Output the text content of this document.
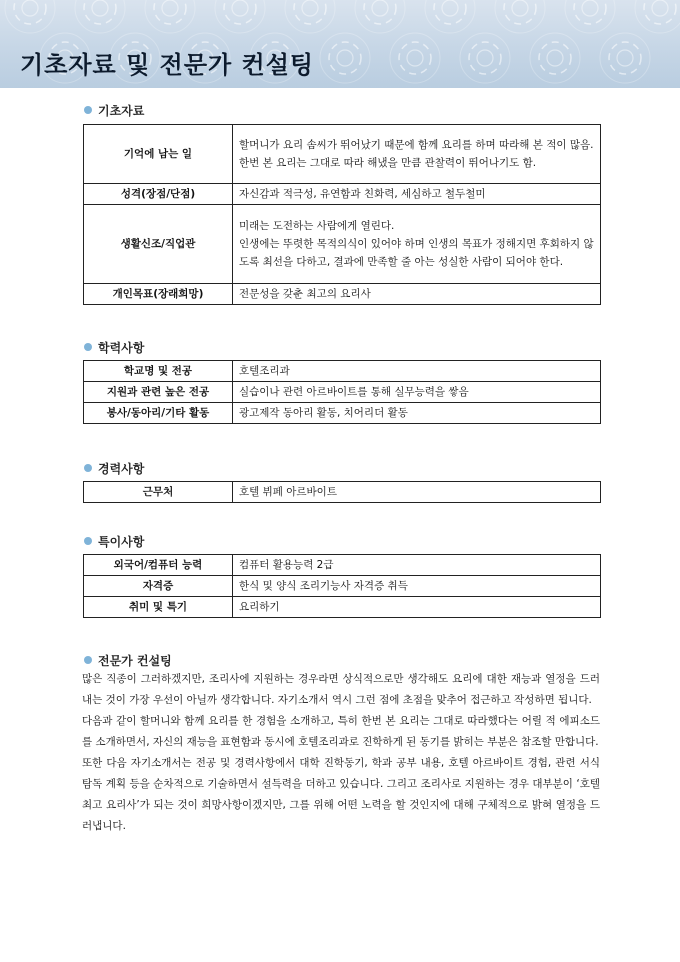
기초자료 및 전문가 컨설팅
기초자료
기억에 남는 일	할머니가 요리 솜씨가 뛰어났기 때문에 함께 요리를 하며 따라해 본 적이 많음. 한번 본 요리는 그대로 따라 해냈을 만큼 관찰력이 뛰어나기도 함.
성격(장점/단점)	자신감과 적극성, 유연함과 친화력, 세심하고 철두철미
생활신조/직업관	미래는 도전하는 사람에게 열린다.
인생에는 뚜렷한 목적의식이 있어야 하며 인생의 목표가 정해지면 후회하지 않도록 최선을 다하고, 결과에 만족할 줄 아는 성실한 사람이 되어야 한다.
개인목표(장래희망)	전문성을 갖춘 최고의 요리사
학력사항
학교명 및 전공	호텔조리과
지원과 관련 높은 전공	실습이나 관련 아르바이트를 통해 실무능력을 쌓음
봉사/동아리/기타 활동	광고제작 동아리 활동, 치어리더 활동
경력사항
근무처	호텔 뷔페 아르바이트
특이사항
외국어/컴퓨터 능력	컴퓨터 활용능력 2급
자격증	한식 및 양식 조리기능사 자격증 취득
취미 및 특기	요리하기
전문가 컨설팅

많은 직종이 그러하겠지만, 조리사에 지원하는 경우라면 상식적으로만 생각해도 요리에 대한 재능과 열정을 드러내는 것이 가장 우선이 아닐까 생각합니다. 자기소개서 역시 그런 점에 초점을 맞추어 접근하고 작성하면 됩니다.

다음과 같이 할머니와 함께 요리를 한 경험을 소개하고, 특히 한번 본 요리는 그대로 따라했다는 어릴 적 에피소드를 소개하면서, 자신의 재능을 표현함과 동시에 호텔조리과로 진학하게 된 동기를 밝히는 부분은 참조할 만합니다.

또한 다음 자기소개서는 전공 및 경력사항에서 대학 진학동기, 학과 공부 내용, 호텔 아르바이트 경험, 관련 서식 탐독 계획 등을 순차적으로 기술하면서 설득력을 더하고 있습니다. 그리고 조리사로 지원하는 경우 대부분이 ‘호텔 최고 요리사’가 되는 것이 희망사항이겠지만, 그를 위해 어떤 노력을 할 것인지에 대해 구체적으로 밝혀 열정을 드러냅니다.
